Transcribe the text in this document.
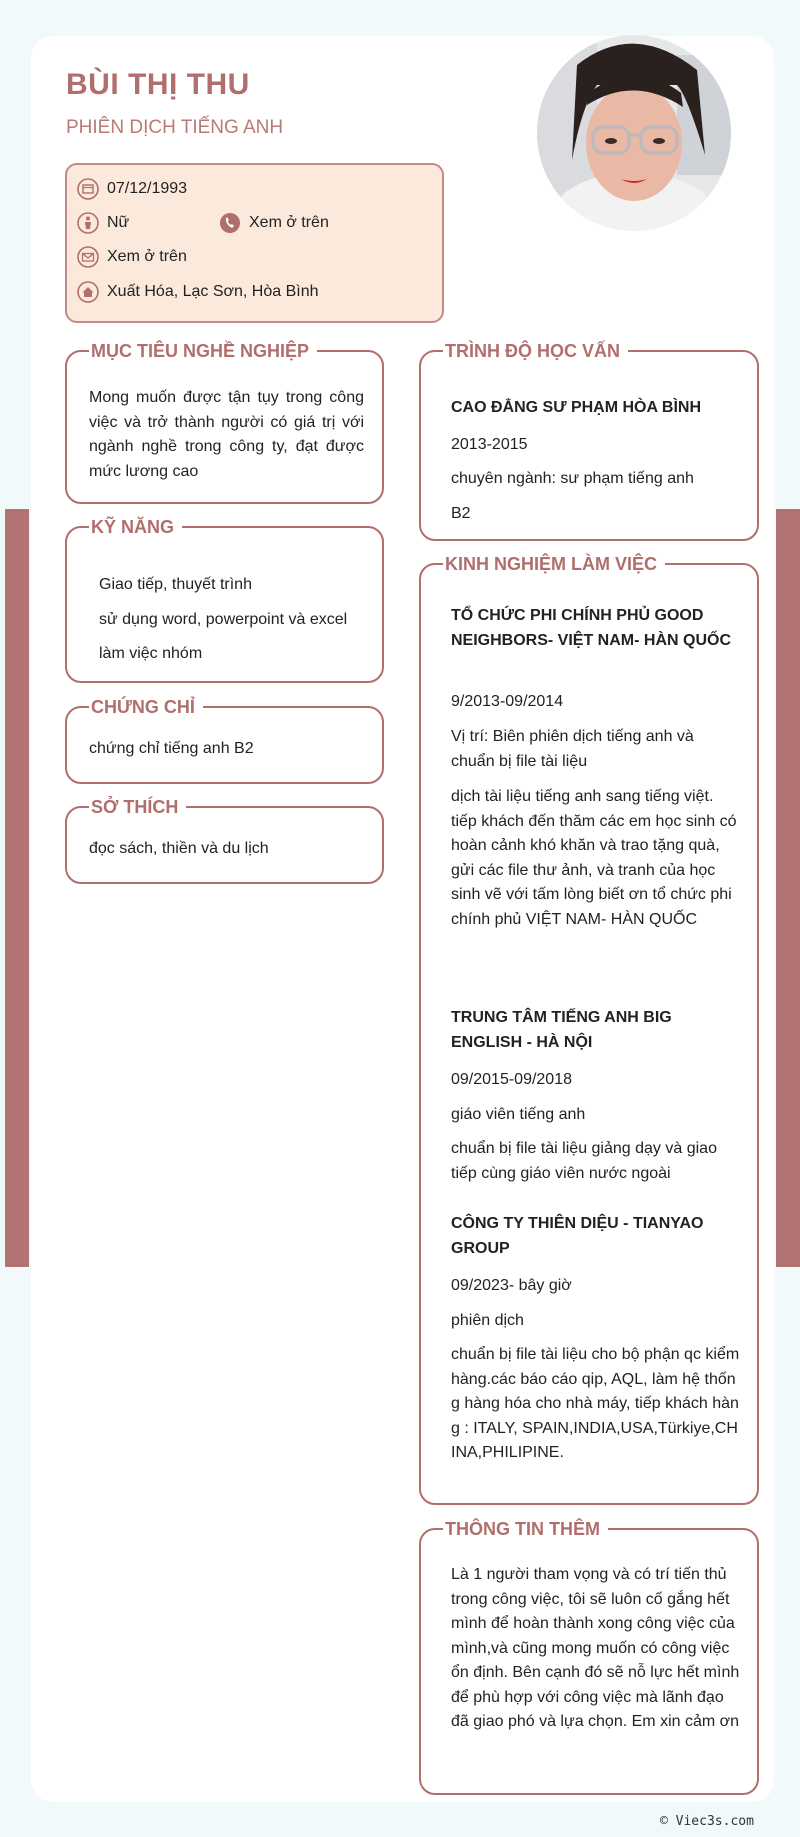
BÙI THỊ THU
PHIÊN DỊCH TIẾNG ANH
07/12/1993
Nữ	Xem ở trên
Xem ở trên
Xuất Hóa, Lạc Sơn, Hòa Bình
MỤC TIÊU NGHỀ NGHIỆP
Mong muốn được tận tụy trong công việc và trở thành người có giá trị với ngành nghề trong công ty, đạt được mức lương cao
KỸ NĂNG
Giao tiếp, thuyết trình
sử dụng word, powerpoint và excel
làm việc nhóm
CHỨNG CHỈ
chứng chỉ tiếng anh B2
SỞ THÍCH
đọc sách, thiền và du lịch
TRÌNH ĐỘ HỌC VẤN
CAO ĐẲNG SƯ PHẠM HÒA BÌNH
2013-2015
chuyên ngành: sư phạm tiếng anh
B2
KINH NGHIỆM LÀM VIỆC
TỔ CHỨC PHI CHÍNH PHỦ GOOD NEIGHBORS- VIỆT NAM- HÀN QUỐC
9/2013-09/2014
Vị trí: Biên phiên dịch tiếng anh và chuẩn bị file tài liệu
dịch tài liệu tiếng anh sang tiếng việt.
tiếp khách đến thăm các em học sinh có hoàn cảnh khó khăn và trao tặng quà, gửi các file thư ảnh, và tranh của học sinh vẽ với tấm lòng biết ơn tổ chức phi chính phủ VIỆT NAM- HÀN QUỐC
TRUNG TÂM TIẾNG ANH BIG ENGLISH - HÀ NỘI
09/2015-09/2018
giáo viên tiếng anh
chuẩn bị file tài liệu giảng dạy và giao tiếp cùng giáo viên nước ngoài
CÔNG TY THIÊN DIỆU - TIANYAO GROUP
09/2023- bây giờ
phiên dịch
chuẩn bị file tài liệu cho bộ phận qc kiểm hàng.các báo cáo qip, AQL, làm hệ thống hàng hóa cho nhà máy, tiếp khách hàng : ITALY, SPAIN,INDIA,USA,Türkiye,CHINA,PHILIPINE.
THÔNG TIN THÊM
Là 1 người tham vọng và có trí tiến thủ trong công việc, tôi sẽ luôn cố gắng hết mình để hoàn thành xong công việc của mình,và cũng mong muốn có công việc ổn định. Bên cạnh đó sẽ nỗ lực hết mình để phù hợp với công việc mà lãnh đạo đã giao phó và lựa chọn. Em xin cảm ơn
© Viec3s.com
